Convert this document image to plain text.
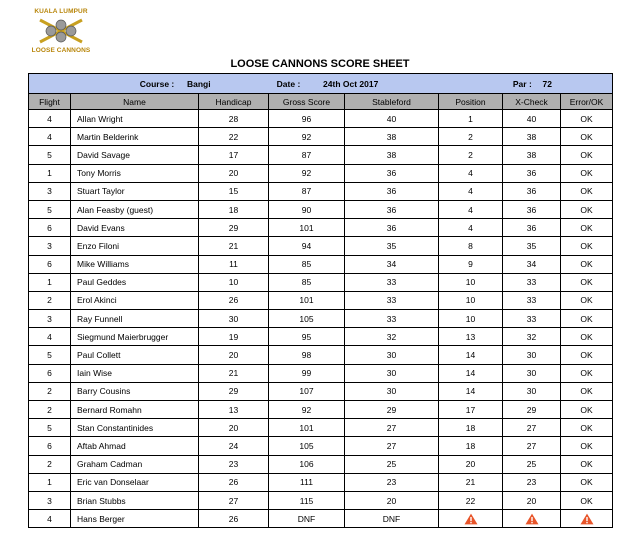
KUALA LUMPUR
LOOSE CANNONS
LOOSE CANNONS SCORE SHEET
Course : Bangi Date : 24th Oct 2017 Par : 72							

Flight	Name	Handicap	Gross Score	Stableford	Position	X-Check	Error/OK
4	Allan Wright	28	96	40	1	40	OK
4	Martin Belderink	22	92	38	2	38	OK
5	David Savage	17	87	38	2	38	OK
1	Tony Morris	20	92	36	4	36	OK
3	Stuart Taylor	15	87	36	4	36	OK
5	Alan Feasby (guest)	18	90	36	4	36	OK
6	David Evans	29	101	36	4	36	OK
3	Enzo Filoni	21	94	35	8	35	OK
6	Mike Williams	11	85	34	9	34	OK
1	Paul Geddes	10	85	33	10	33	OK
2	Erol Akinci	26	101	33	10	33	OK
3	Ray Funnell	30	105	33	10	33	OK
4	Siegmund Maierbrugger	19	95	32	13	32	OK
5	Paul Collett	20	98	30	14	30	OK
6	Iain Wise	21	99	30	14	30	OK
2	Barry Cousins	29	107	30	14	30	OK
2	Bernard Romahn	13	92	29	17	29	OK
5	Stan Constantinides	20	101	27	18	27	OK
6	Aftab Ahmad	24	105	27	18	27	OK
2	Graham Cadman	23	106	25	20	25	OK
1	Eric van Donselaar	26	111	23	21	23	OK
3	Brian Stubbs	27	115	20	22	20	OK
4	Hans Berger	26	DNF	DNF			
